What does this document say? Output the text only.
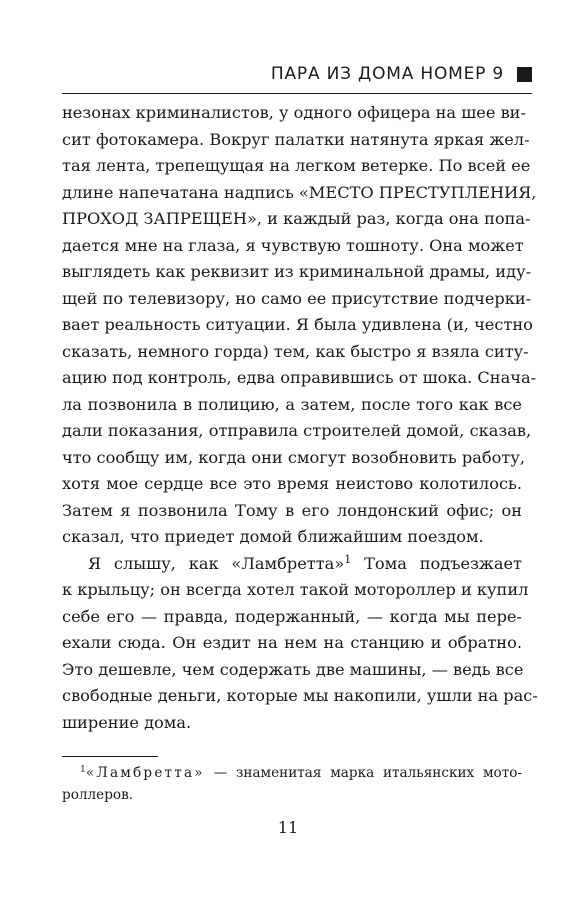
ПАРА ИЗ ДОМА НОМЕР 9
незонах криминалистов, у одного офицера на шее ви-
сит фотокамера. Вокруг палатки натянута яркая жел-
тая лента, трепещущая на легком ветерке. По всей ее
длине напечатана надпись «МЕСТО ПРЕСТУПЛЕНИЯ,
ПРОХОД ЗАПРЕЩЕН», и каждый раз, когда она попа-
дается мне на глаза, я чувствую тошноту. Она может
выглядеть как реквизит из криминальной драмы, иду-
щей по телевизору, но само ее присутствие подчерки-
вает реальность ситуации. Я была удивлена (и, честно
сказать, немного горда) тем, как быстро я взяла ситу-
ацию под контроль, едва оправившись от шока. Снача-
ла позвонила в полицию, а затем, после того как все
дали показания, отправила строителей домой, сказав,
что сообщу им, когда они смогут возобновить работу,
хотя мое сердце все это время неистово колотилось.
Затем я позвонила Тому в его лондонский офис; он
сказал, что приедет домой ближайшим поездом.
Я слышу, как «Ламбретта»$^1$ Тома подъезжает
к крыльцу; он всегда хотел такой мотороллер и купил
себе его — правда, подержанный, — когда мы пере-
ехали сюда. Он ездит на нем на станцию и обратно.
Это дешевле, чем содержать две машины, — ведь все
свободные деньги, которые мы накопили, ушли на рас-
ширение дома.
$^1$«Ламбретта» — знаменитая марка итальянских мото-
роллеров.
11
